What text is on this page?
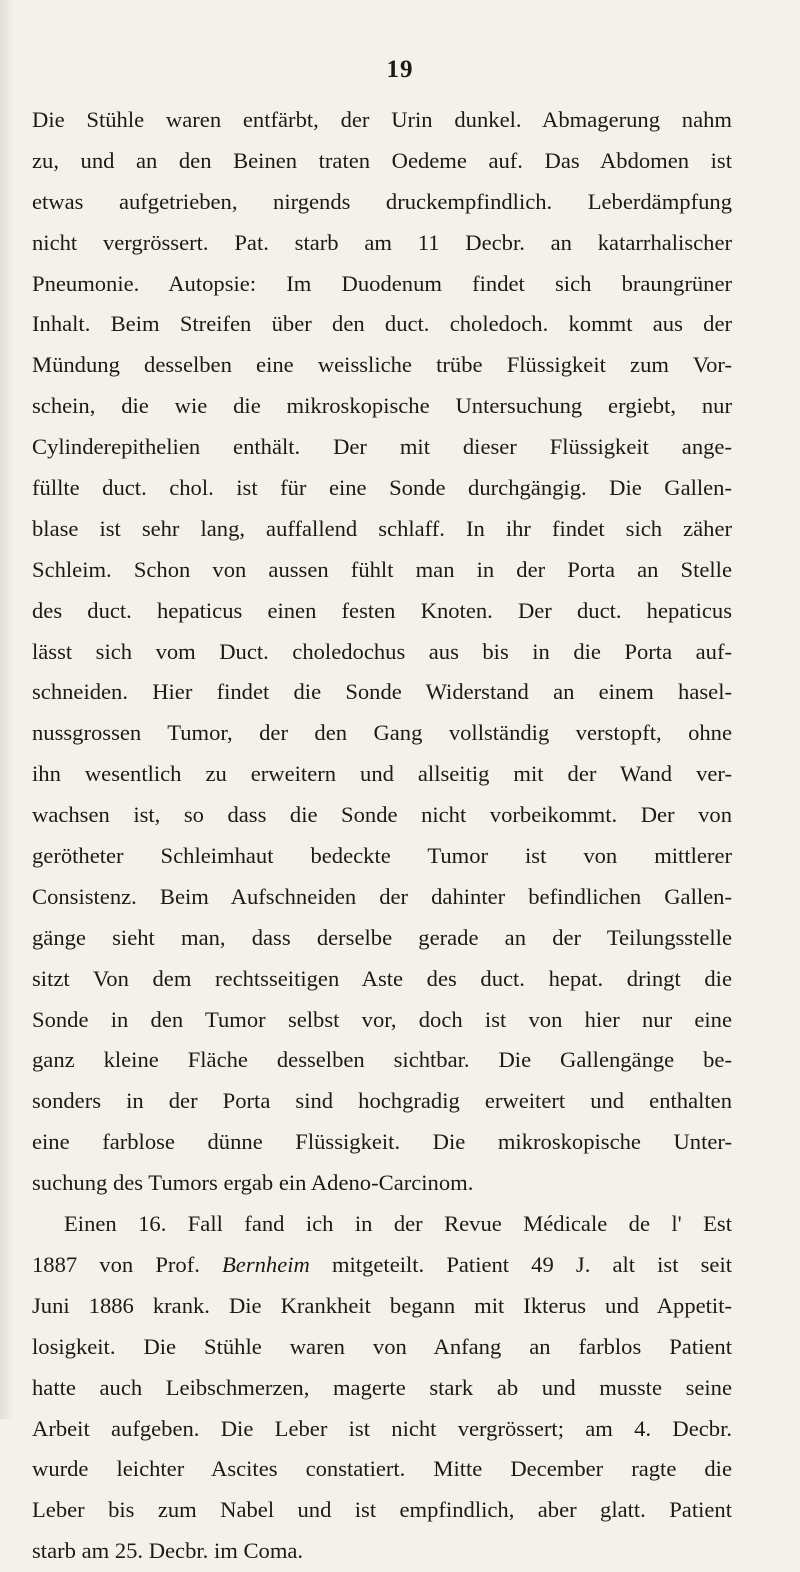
19
Die Stühle waren entfärbt, der Urin dunkel. Abmagerung nahm
zu, und an den Beinen traten Oedeme auf. Das Abdomen ist
etwas aufgetrieben, nirgends druckempfindlich. Leberdämpfung
nicht vergrössert. Pat. starb am 11 Decbr. an katarrhalischer
Pneumonie. Autopsie: Im Duodenum findet sich braungrüner
Inhalt. Beim Streifen über den duct. choledoch. kommt aus der
Mündung desselben eine weissliche trübe Flüssigkeit zum Vor-
schein, die wie die mikroskopische Untersuchung ergiebt, nur
Cylinderepithelien enthält. Der mit dieser Flüssigkeit ange-
füllte duct. chol. ist für eine Sonde durchgängig. Die Gallen-
blase ist sehr lang, auffallend schlaff. In ihr findet sich zäher
Schleim. Schon von aussen fühlt man in der Porta an Stelle
des duct. hepaticus einen festen Knoten. Der duct. hepaticus
lässt sich vom Duct. choledochus aus bis in die Porta auf-
schneiden. Hier findet die Sonde Widerstand an einem hasel-
nussgrossen Tumor, der den Gang vollständig verstopft, ohne
ihn wesentlich zu erweitern und allseitig mit der Wand ver-
wachsen ist, so dass die Sonde nicht vorbeikommt. Der von
gerötheter Schleimhaut bedeckte Tumor ist von mittlerer
Consistenz. Beim Aufschneiden der dahinter befindlichen Gallen-
gänge sieht man, dass derselbe gerade an der Teilungsstelle
sitzt Von dem rechtsseitigen Aste des duct. hepat. dringt die
Sonde in den Tumor selbst vor, doch ist von hier nur eine
ganz kleine Fläche desselben sichtbar. Die Gallengänge be-
sonders in der Porta sind hochgradig erweitert und enthalten
eine farblose dünne Flüssigkeit. Die mikroskopische Unter-
suchung des Tumors ergab ein Adeno-Carcinom.
Einen 16. Fall fand ich in der Revue Médicale de l' Est
1887 von Prof. Bernheim mitgeteilt. Patient 49 J. alt ist seit
Juni 1886 krank. Die Krankheit begann mit Ikterus und Appetit-
losigkeit. Die Stühle waren von Anfang an farblos Patient
hatte auch Leibschmerzen, magerte stark ab und musste seine
Arbeit aufgeben. Die Leber ist nicht vergrössert; am 4. Decbr.
wurde leichter Ascites constatiert. Mitte December ragte die
Leber bis zum Nabel und ist empfindlich, aber glatt. Patient
starb am 25. Decbr. im Coma.
